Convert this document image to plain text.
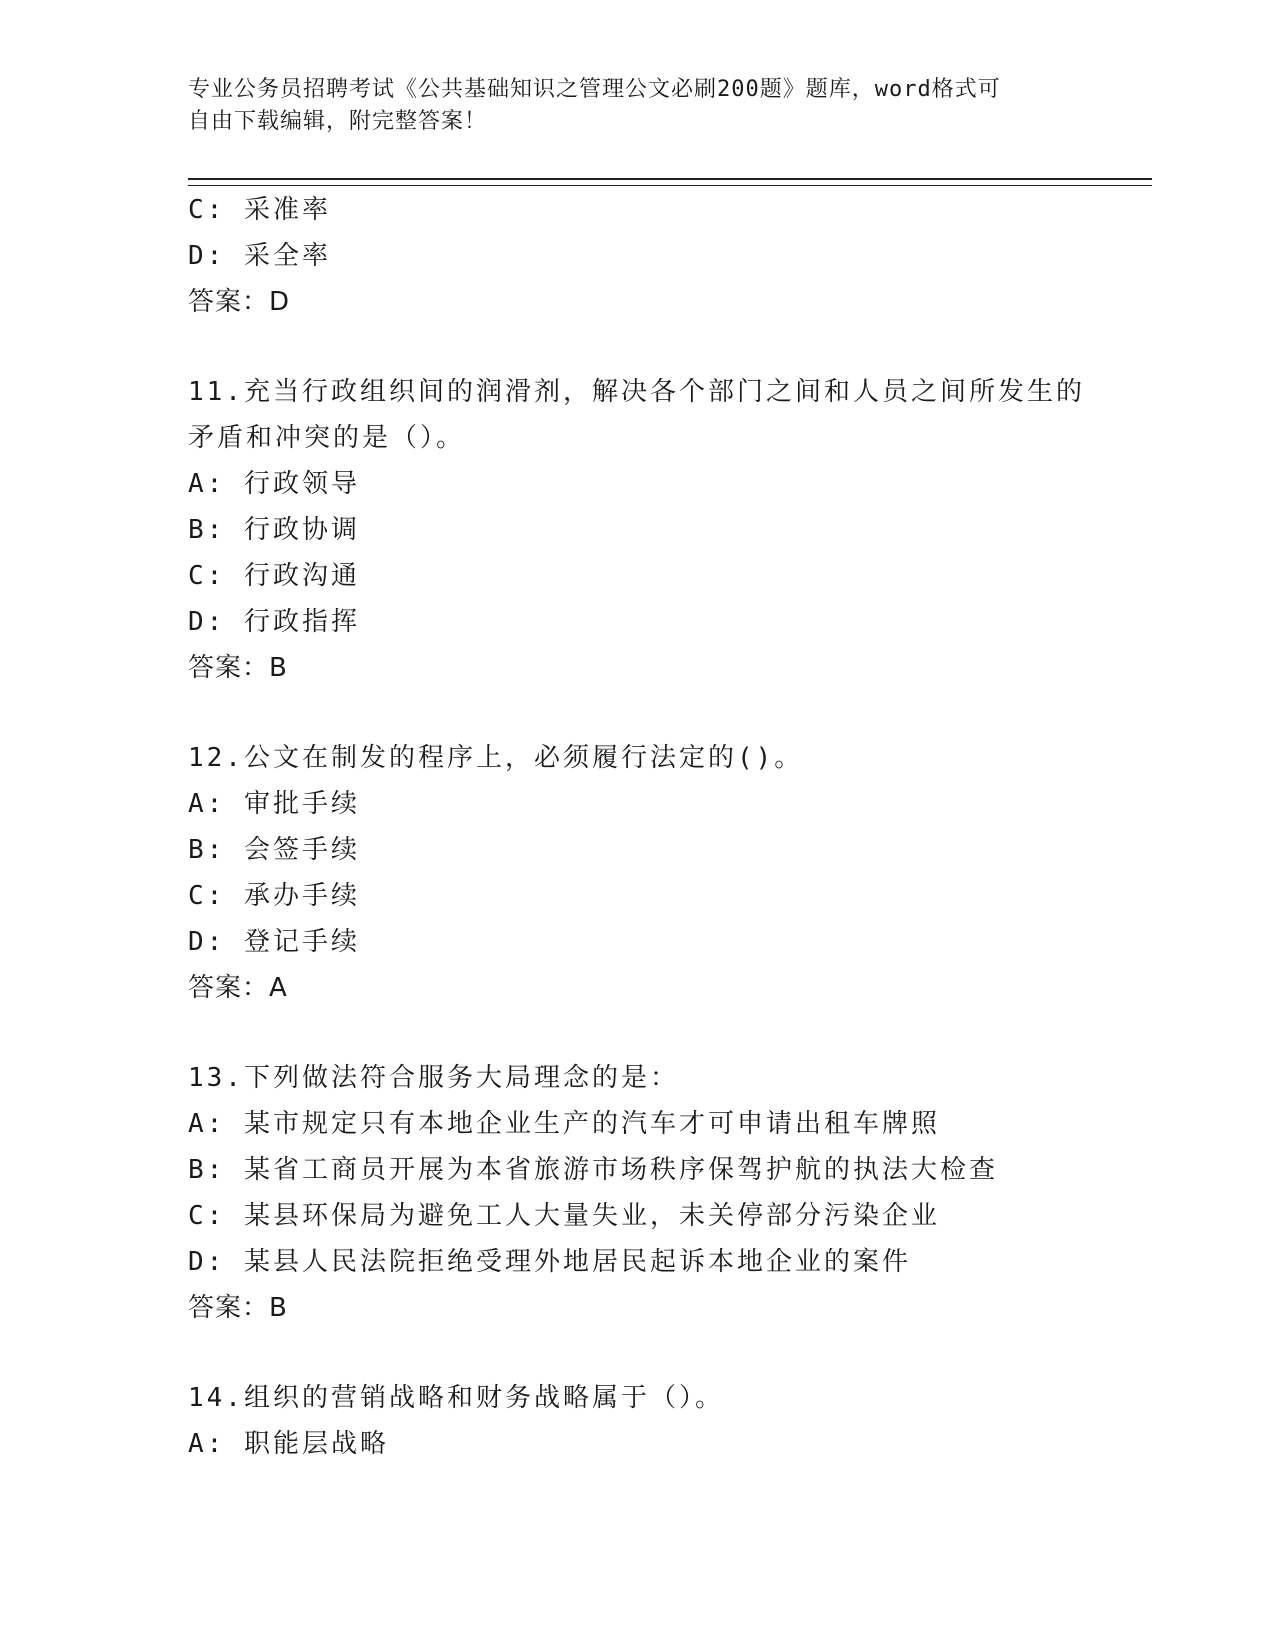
专业公务员招聘考试《公共基础知识之管理公文必刷200题》题库，word格式可
自由下载编辑，附完整答案！
C: 采准率
D: 采全率
答案：D
11.充当行政组织间的润滑剂，解决各个部门之间和人员之间所发生的
矛盾和冲突的是（）。
A: 行政领导
B: 行政协调
C: 行政沟通
D: 行政指挥
答案：B
12.公文在制发的程序上，必须履行法定的()。
A: 审批手续
B: 会签手续
C: 承办手续
D: 登记手续
答案：A
13.下列做法符合服务大局理念的是：
A: 某市规定只有本地企业生产的汽车才可申请出租车牌照
B: 某省工商员开展为本省旅游市场秩序保驾护航的执法大检查
C: 某县环保局为避免工人大量失业，未关停部分污染企业
D: 某县人民法院拒绝受理外地居民起诉本地企业的案件
答案：B
14.组织的营销战略和财务战略属于（）。
A: 职能层战略
